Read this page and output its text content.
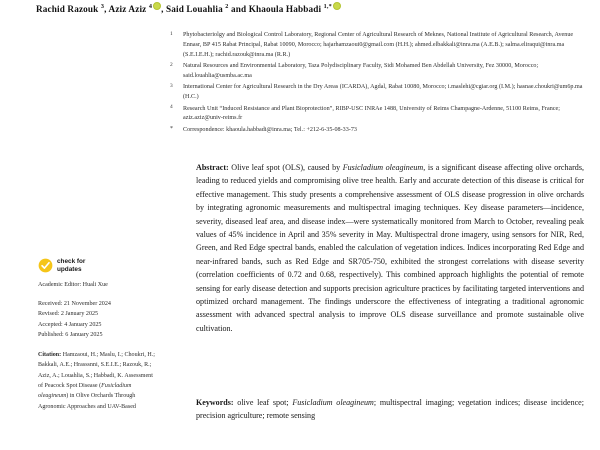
Rachid Razouk $^3$, Aziz Aziz $^4$ , Said Louahlia $^2$ and Khaoula Habbadi $^{1,*}$
1	Phytobacteriolgy and Biological Control Laboratory, Regional Center of Agricultural Research of Meknes, National Institute of Agricultural Research, Avenue Ennasr, BP 415 Rabat Principal, Rabat 10090, Morocco; hajarhamzaoui0@gmail.com (H.H.); ahmed.elbakkali@inra.ma (A.E.B.); salma.eliraqui@inra.ma (S.E.I.E.H.); rachid.razouk@inra.ma (R.R.)
2	Natural Resources and Environmental Laboratory, Taza Polydisciplinary Faculty, Sidi Mohamed Ben Abdellah University, Fez 30000, Morocco; said.louahlia@usmba.ac.ma
3	International Center for Agricultural Research in the Dry Areas (ICARDA), Agdal, Rabat 10080, Morocco; i.maslehi@cgiar.org (I.M.); hasnae.choukri@um6p.ma (H.C.)
4	Research Unit “Induced Resistance and Plant Bioprotection”, RIBP-USC INRAe 1488, University of Reims Champagne-Ardenne, 51100 Reims, France; aziz.aziz@univ-reims.fr
*	Correspondence: khaoula.habbadi@inra.ma; Tel.: +212-6-35-08-33-73
check for
updates
Academic Editor: Huali Xue
Received: 21 November 2024
Revised: 2 January 2025
Accepted: 4 January 2025
Published: 6 January 2025
Citation: Hamzaoui, H.; Maslu, I.; Choukri, H.; Bakkali, A.E.; Hrasssnni, S.E.I.E.; Razouk, R.; Aziz, A.; Louahlia, S.; Habbadi, K. Assessment of Peacock Spot Disease (Fusicladium oleagineum) in Olive Orchards Through Agronomic Approaches and UAV-Based
Abstract: Olive leaf spot (OLS), caused by Fusicladium oleagineum, is a significant disease affecting olive orchards, leading to reduced yields and compromising olive tree health. Early and accurate detection of this disease is critical for effective management. This study presents a comprehensive assessment of OLS disease progression in olive orchards by integrating agronomic measurements and multispectral imaging techniques. Key disease parameters—incidence, severity, diseased leaf area, and disease index—were systematically monitored from March to October, revealing peak values of 45% incidence in April and 35% severity in May. Multispectral drone imagery, using sensors for NIR, Red, Green, and Red Edge spectral bands, enabled the calculation of vegetation indices. Indices incorporating Red Edge and near-infrared bands, such as Red Edge and SR705-750, exhibited the strongest correlations with disease severity (correlation coefficients of 0.72 and 0.68, respectively). This combined approach highlights the potential of remote sensing for early disease detection and supports precision agriculture practices by facilitating targeted interventions and optimized orchard management. The findings underscore the effectiveness of integrating a traditional agronomic assessment with advanced spectral analysis to improve OLS disease surveillance and promote sustainable olive cultivation.
Keywords: olive leaf spot; Fusicladium oleagineum; multispectral imaging; vegetation indices; disease incidence; precision agriculture; remote sensing
